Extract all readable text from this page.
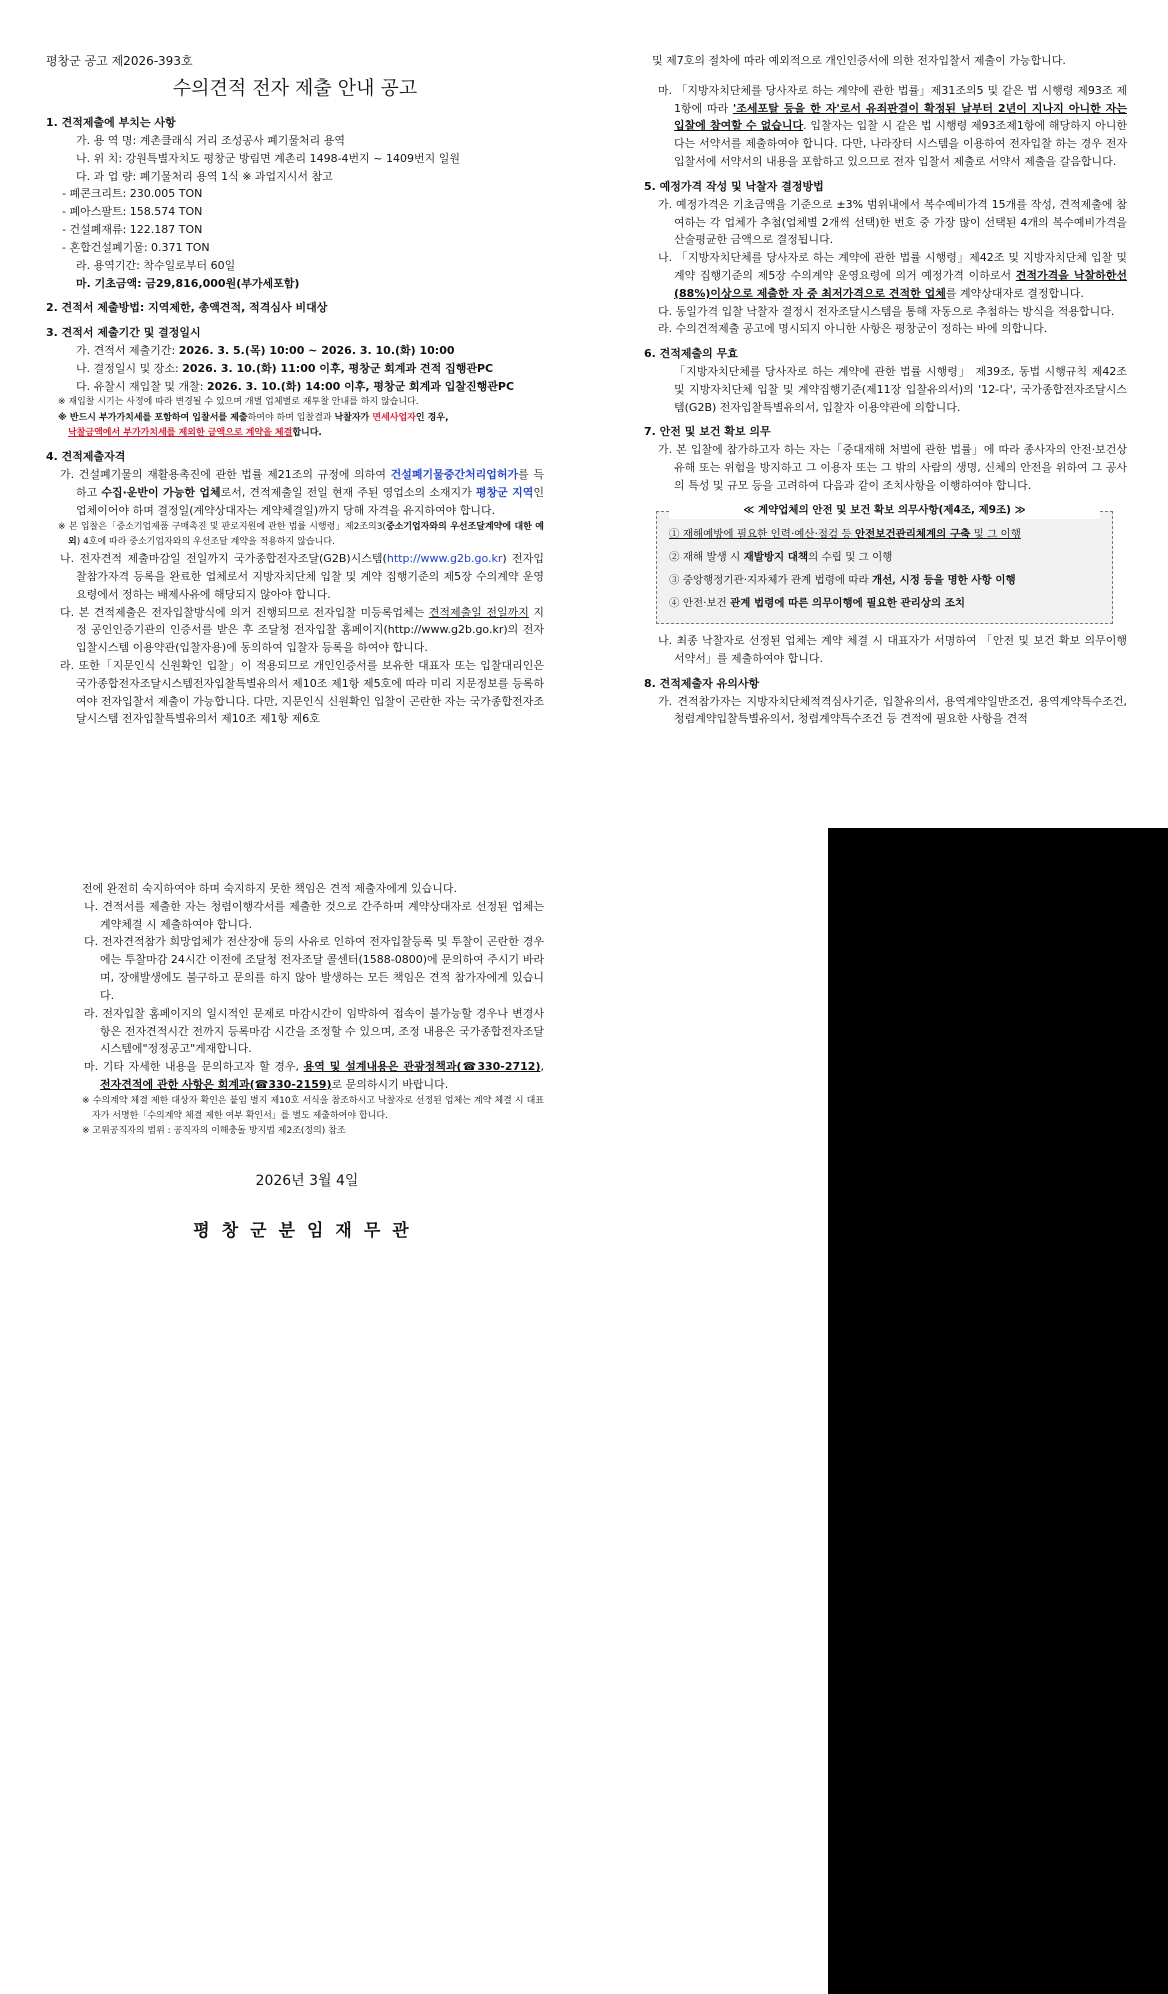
평창군 공고 제2026-393호
수의견적 전자 제출 안내 공고
1. 견적제출에 부치는 사항
가. 용 역 명: 계촌클래식 거리 조성공사 폐기물처리 용역
나. 위 치: 강원특별자치도 평창군 방림면 계촌리 1498-4번지 ~ 1409번지 일원
다. 과 업 량: 폐기물처리 용역 1식 ※ 과업지시서 참고
- 폐콘크리트: 230.005 TON
- 폐아스팔트: 158.574 TON
- 건설폐재류: 122.187 TON
- 혼합건설폐기물: 0.371 TON
라. 용역기간: 착수일로부터 60일
마. 기초금액: 금29,816,000원(부가세포함)
2. 견적서 제출방법: 지역제한, 총액견적, 적격심사 비대상
3. 견적서 제출기간 및 결정일시
가. 견적서 제출기간: 2026. 3. 5.(목) 10:00 ~ 2026. 3. 10.(화) 10:00
나. 결정일시 및 장소: 2026. 3. 10.(화) 11:00 이후, 평창군 회계과 견적 집행관PC
다. 유찰시 재입찰 및 개찰: 2026. 3. 10.(화) 14:00 이후, 평창군 회계과 입찰진행관PC
※ 재입찰 시기는 사정에 따라 변경될 수 있으며 개별 업체별로 재투찰 안내를 하지 않습니다.
※ 반드시 부가가치세를 포함하여 입찰서를 제출하여야 하며 입찰결과 낙찰자가 면세사업자인 경우,
낙찰금액에서 부가가치세를 제외한 금액으로 계약을 체결합니다.
4. 견적제출자격
가. 건설폐기물의 재활용촉진에 관한 법률 제21조의 규정에 의하여 건설폐기물중간처리업허가를 득하고 수집·운반이 가능한 업체로서, 견적제출일 전일 현재 주된 영업소의 소재지가 평창군 지역인 업체이어야 하며 결정일(계약상대자는 계약체결일)까지 당해 자격을 유지하여야 합니다.
※ 본 입찰은「중소기업제품 구매촉진 및 판로지원에 관한 법률 시행령」제2조의3(중소기업자와의 우선조달계약에 대한 예외) 4호에 따라 중소기업자와의 우선조달 계약을 적용하지 않습니다.
나. 전자견적 제출마감일 전일까지 국가종합전자조달(G2B)시스템(http://www.g2b.go.kr) 전자입찰참가자격 등록을 완료한 업체로서 지방자치단체 입찰 및 계약 집행기준의 제5장 수의계약 운영요령에서 정하는 배제사유에 해당되지 않아야 합니다.
다. 본 견적제출은 전자입찰방식에 의거 진행되므로 전자입찰 미등록업체는 견적제출일 전일까지 지정 공인인증기관의 인증서를 받은 후 조달청 전자입찰 홈페이지(http://www.g2b.go.kr)의 전자입찰시스템 이용약관(입찰자용)에 동의하여 입찰자 등록을 하여야 합니다.
라. 또한「지문인식 신원확인 입찰」이 적용되므로 개인인증서를 보유한 대표자 또는 입찰대리인은 국가종합전자조달시스템전자입찰특별유의서 제10조 제1항 제5호에 따라 미리 지문정보를 등록하여야 전자입찰서 제출이 가능합니다. 다만, 지문인식 신원확인 입찰이 곤란한 자는 국가종합전자조달시스템 전자입찰특별유의서 제10조 제1항 제6호
및 제7호의 절차에 따라 예외적으로 개인인증서에 의한 전자입찰서 제출이 가능합니다.
마. 「지방자치단체를 당사자로 하는 계약에 관한 법률」제31조의5 및 같은 법 시행령 제93조 제1항에 따라 '조세포탈 등을 한 자'로서 유죄판결이 확정된 날부터 2년이 지나지 아니한 자는 입찰에 참여할 수 없습니다. 입찰자는 입찰 시 같은 법 시행령 제93조제1항에 해당하지 아니한다는 서약서를 제출하여야 합니다. 다만, 나라장터 시스템을 이용하여 전자입찰 하는 경우 전자입찰서에 서약서의 내용을 포함하고 있으므로 전자 입찰서 제출로 서약서 제출을 갈음합니다.
5. 예정가격 작성 및 낙찰자 결정방법
가. 예정가격은 기초금액을 기준으로 ±3% 범위내에서 복수예비가격 15개를 작성, 견적제출에 참여하는 각 업체가 추첨(업체별 2개씩 선택)한 번호 중 가장 많이 선택된 4개의 복수예비가격을 산술평균한 금액으로 결정됩니다.
나. 「지방자치단체를 당사자로 하는 계약에 관한 법률 시행령」제42조 및 지방자치단체 입찰 및 계약 집행기준의 제5장 수의계약 운영요령에 의거 예정가격 이하로서 견적가격을 낙찰하한선(88%)이상으로 제출한 자 중 최저가격으로 견적한 업체를 계약상대자로 결정합니다.
다. 동일가격 입찰 낙찰자 결정시 전자조달시스템을 통해 자동으로 추첨하는 방식을 적용합니다.
라. 수의견적제출 공고에 명시되지 아니한 사항은 평창군이 정하는 바에 의합니다.
6. 견적제출의 무효
「지방자치단체를 당사자로 하는 계약에 관한 법률 시행령」 제39조, 동법 시행규칙 제42조 및 지방자치단체 입찰 및 계약집행기준(제11장 입찰유의서)의 '12-다', 국가종합전자조달시스템(G2B) 전자입찰특별유의서, 입찰자 이용약관에 의합니다.
7. 안전 및 보건 확보 의무
가. 본 입찰에 참가하고자 하는 자는「중대재해 처벌에 관한 법률」에 따라 종사자의 안전·보건상 유해 또는 위험을 방지하고 그 이용자 또는 그 밖의 사람의 생명, 신체의 안전을 위하여 그 공사의 특성 및 규모 등을 고려하여 다음과 같이 조치사항을 이행하여야 합니다.
≪ 계약업체의 안전 및 보건 확보 의무사항(제4조, 제9조) ≫
① 재해예방에 필요한 인력·예산·점검 등 안전보건관리체계의 구축 및 그 이행
② 재해 발생 시 재발방지 대책의 수립 및 그 이행
③ 중앙행정기관·지자체가 관계 법령에 따라 개선, 시정 등을 명한 사항 이행
④ 안전·보건 관계 법령에 따른 의무이행에 필요한 관리상의 조치
나. 최종 낙찰자로 선정된 업체는 계약 체결 시 대표자가 서명하여 「안전 및 보건 확보 의무이행 서약서」를 제출하여야 합니다.
8. 견적제출자 유의사항
가. 견적참가자는 지방자치단체적격심사기준, 입찰유의서, 용역계약일반조건, 용역계약특수조건, 청렴계약입찰특별유의서, 청렴계약특수조건 등 견적에 필요한 사항을 견적
전에 완전히 숙지하여야 하며 숙지하지 못한 책임은 견적 제출자에게 있습니다.
나. 견적서를 제출한 자는 청렴이행각서를 제출한 것으로 간주하며 계약상대자로 선정된 업체는 계약체결 시 제출하여야 합니다.
다. 전자견적참가 희망업체가 전산장애 등의 사유로 인하여 전자입찰등록 및 투찰이 곤란한 경우에는 투찰마감 24시간 이전에 조달청 전자조달 콜센터(1588-0800)에 문의하여 주시기 바라며, 장애발생에도 불구하고 문의를 하지 않아 발생하는 모든 책임은 견적 참가자에게 있습니다.
라. 전자입찰 홈페이지의 일시적인 문제로 마감시간이 임박하여 접속이 불가능할 경우나 변경사항은 전자견적시간 전까지 등록마감 시간을 조정할 수 있으며, 조정 내용은 국가종합전자조달시스템에"정정공고"게재합니다.
마. 기타 자세한 내용을 문의하고자 할 경우, 용역 및 설계내용은 관광정책과(☎330-2712), 전자견적에 관한 사항은 회계과(☎330-2159)로 문의하시기 바랍니다.
※ 수의계약 체결 제한 대상자 확인은 붙임 별지 제10호 서식을 참조하시고 낙찰자로 선정된 업체는 계약 체결 시 대표자가 서명한「수의계약 체결 제한 여부 확인서」를 별도 제출하여야 합니다.
※ 고위공직자의 범위 : 공직자의 이해충돌 방지법 제2조(정의) 참조
2026년 3월 4일
평창군분임재무관
